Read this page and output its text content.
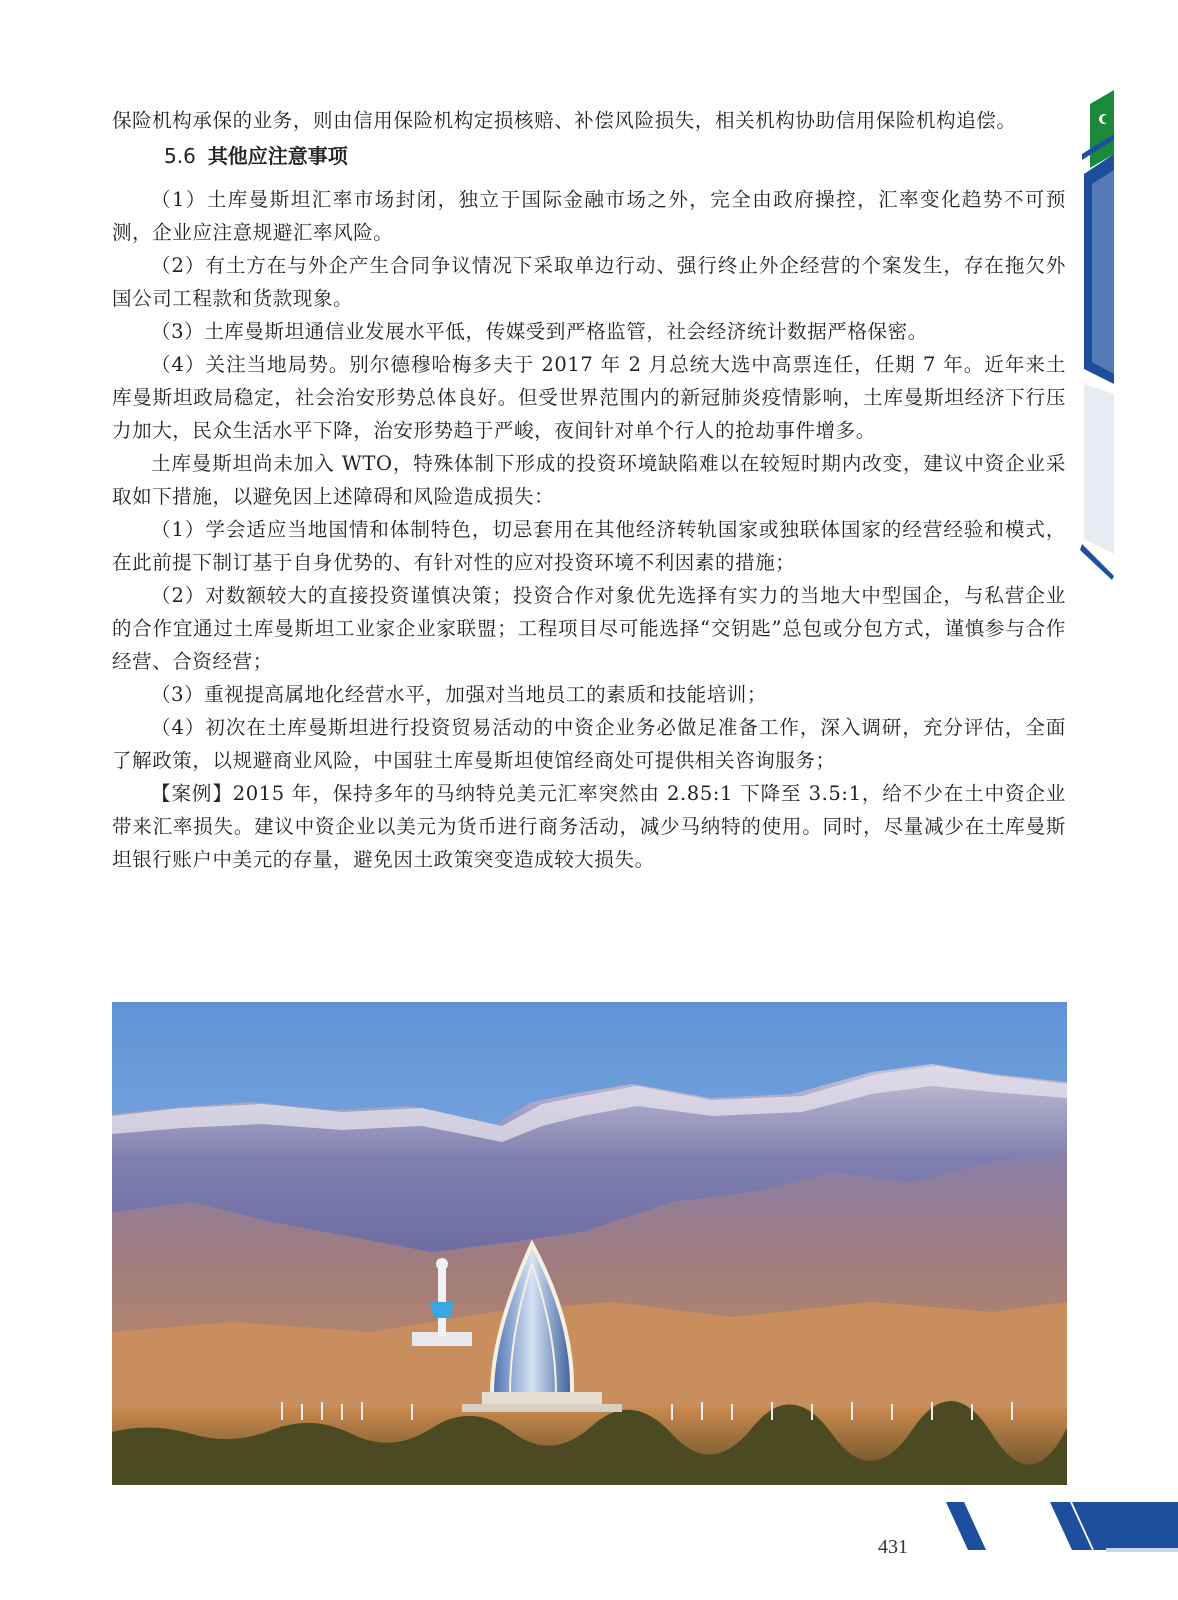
保险机构承保的业务，则由信用保险机构定损核赔、补偿风险损失，相关机构协助信用保险机构追偿。

5.6 其他应注意事项

（1）土库曼斯坦汇率市场封闭，独立于国际金融市场之外，完全由政府操控，汇率变化趋势不可预测，企业应注意规避汇率风险。

（2）有土方在与外企产生合同争议情况下采取单边行动、强行终止外企经营的个案发生，存在拖欠外国公司工程款和货款现象。

（3）土库曼斯坦通信业发展水平低，传媒受到严格监管，社会经济统计数据严格保密。

（4）关注当地局势。别尔德穆哈梅多夫于 2017 年 2 月总统大选中高票连任，任期 7 年。近年来土库曼斯坦政局稳定，社会治安形势总体良好。但受世界范围内的新冠肺炎疫情影响，土库曼斯坦经济下行压力加大，民众生活水平下降，治安形势趋于严峻，夜间针对单个行人的抢劫事件增多。

土库曼斯坦尚未加入 WTO，特殊体制下形成的投资环境缺陷难以在较短时期内改变，建议中资企业采取如下措施，以避免因上述障碍和风险造成损失：

（1）学会适应当地国情和体制特色，切忌套用在其他经济转轨国家或独联体国家的经营经验和模式，在此前提下制订基于自身优势的、有针对性的应对投资环境不利因素的措施；

（2）对数额较大的直接投资谨慎决策；投资合作对象优先选择有实力的当地大中型国企，与私营企业的合作宜通过土库曼斯坦工业家企业家联盟；工程项目尽可能选择“交钥匙”总包或分包方式，谨慎参与合作经营、合资经营；

（3）重视提高属地化经营水平，加强对当地员工的素质和技能培训；

（4）初次在土库曼斯坦进行投资贸易活动的中资企业务必做足准备工作，深入调研，充分评估，全面了解政策，以规避商业风险，中国驻土库曼斯坦使馆经商处可提供相关咨询服务；

【案例】2015 年，保持多年的马纳特兑美元汇率突然由 2.85:1 下降至 3.5:1，给不少在土中资企业带来汇率损失。建议中资企业以美元为货币进行商务活动，减少马纳特的使用。同时，尽量减少在土库曼斯坦银行账户中美元的存量，避免因土政策突变造成较大损失。

431
